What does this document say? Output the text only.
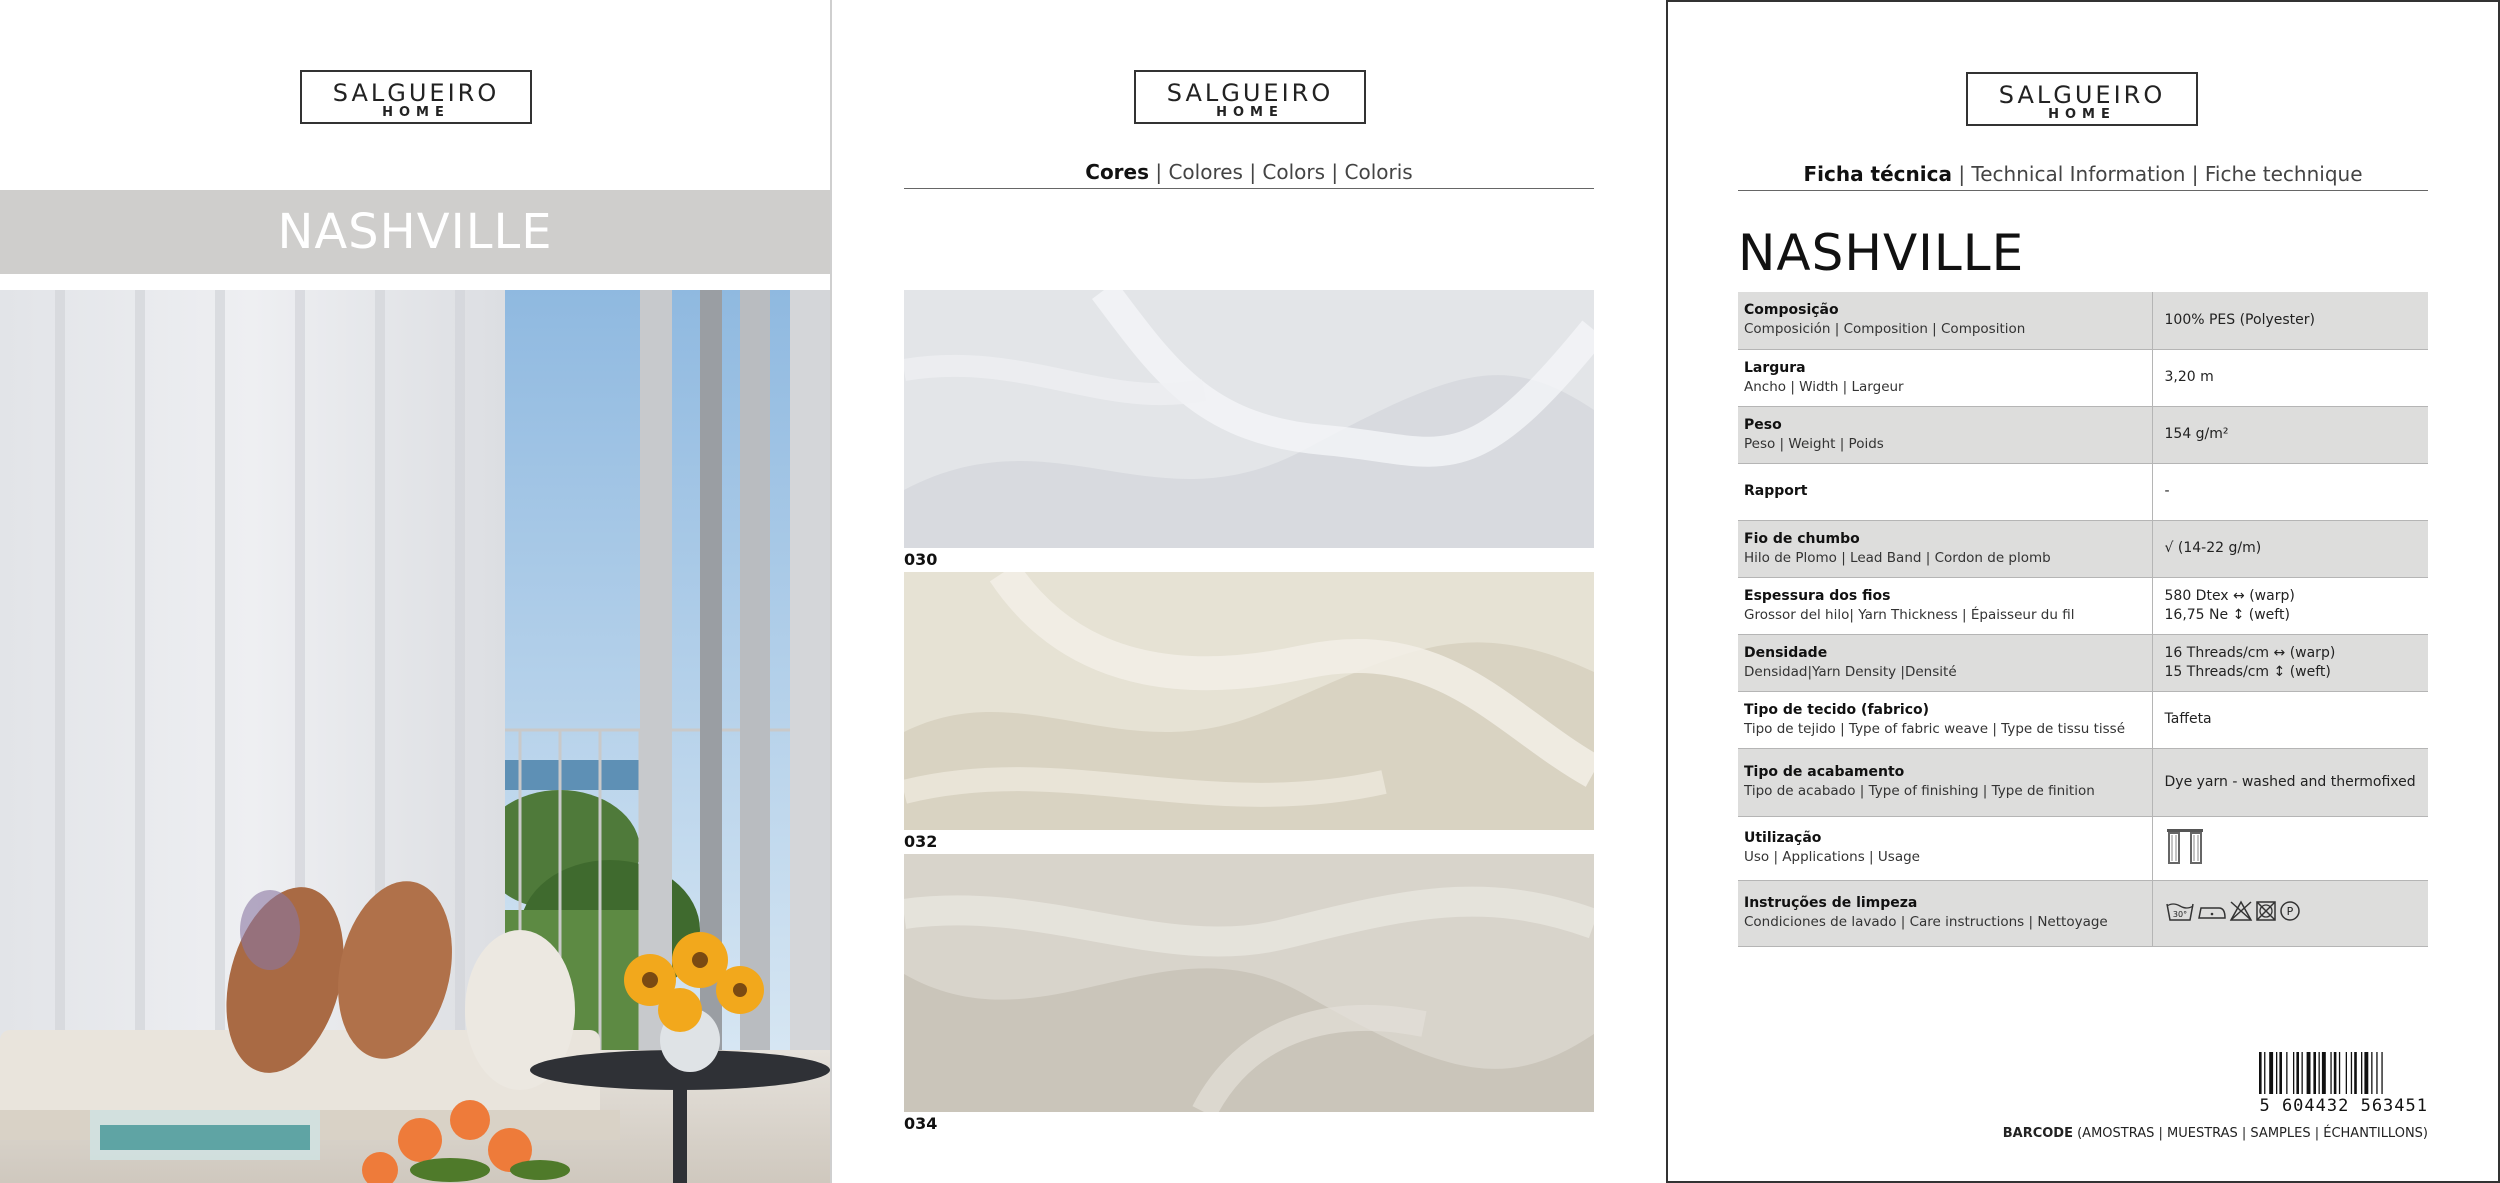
SALGUEIRO
HOME
NASHVILLE
SALGUEIRO
HOME
Cores | Colores | Colors | Coloris
030
032
034
SALGUEIRO
HOME
Ficha técnica | Technical Information | Fiche technique
NASHVILLE
Composição
Composición | Composition | Composition	100% PES (Polyester)

Largura
Ancho | Width | Largeur	3,20 m

Peso
Peso | Weight | Poids	154 g/m²

Rapport	-

Fio de chumbo
Hilo de Plomo | Lead Band | Cordon de plomb	√ (14-22 g/m)

Espessura dos fios
Grossor del hilo| Yarn Thickness | Épaisseur du fil	580 Dtex ↔ (warp)
16,75 Ne ↕ (weft)

Densidade
Densidad|Yarn Density |Densité	16 Threads/cm ↔ (warp)
15 Threads/cm ↕ (weft)

Tipo de tecido (fabrico)
Tipo de tejido | Type of fabric weave | Type de tissu tissé	Taffeta

Tipo de acabamento
Tipo de acabado | Type of finishing | Type de finition	Dye yarn - washed and thermofixed

Utilização
Uso | Applications | Usage

Instruções de limpeza
Condiciones de lavado | Care instructions | Nettoyage	30° P
5 604432 563451
BARCODE (AMOSTRAS | MUESTRAS | SAMPLES | ÉCHANTILLONS)
